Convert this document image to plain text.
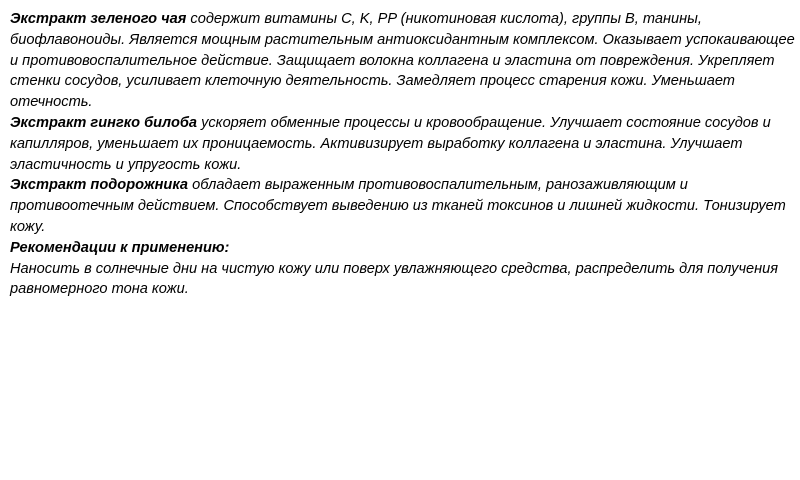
Экстракт зеленого чая содержит витамины С, K, PP (никотиновая кислота), группы В, танины, биофлавоноиды. Является мощным растительным антиоксидантным комплексом. Оказывает успокаивающее и противовоспалительное действие. Защищает волокна коллагена и эластина от повреждения. Укрепляет стенки сосудов, усиливает клеточную деятельность. Замедляет процесс старения кожи. Уменьшает отечность.

Экстракт гингко билоба ускоряет обменные процессы и кровообращение. Улучшает состояние сосудов и капилляров, уменьшает их проницаемость. Активизирует выработку коллагена и эластина. Улучшает эластичность и упругость кожи.

Экстракт подорожника обладает выраженным противовоспалительным, ранозаживляющим и противоотечным действием. Способствует выведению из тканей токсинов и лишней жидкости. Тонизирует кожу.

Рекомендации к применению:

Наносить в солнечные дни на чистую кожу или поверх увлажняющего средства, распределить для получения равномерного тона кожи.
